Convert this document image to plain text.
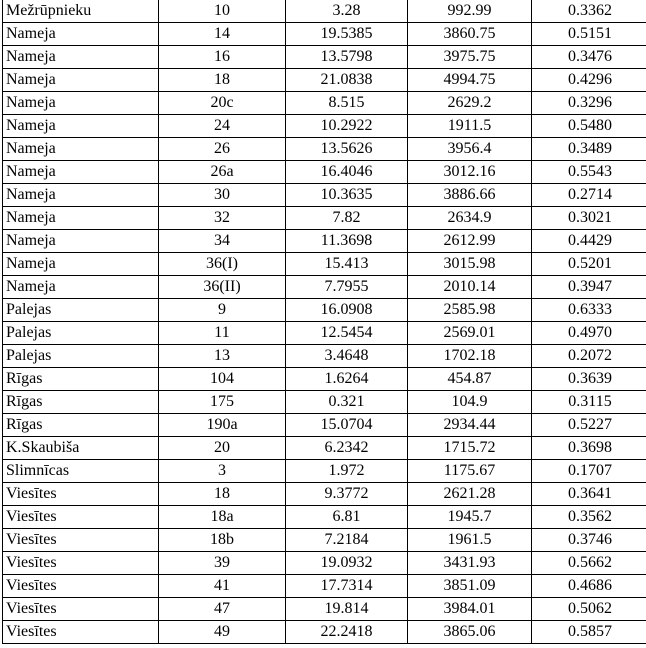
Mežrūpnieku	10	3.28	992.99	0.3362
Nameja	14	19.5385	3860.75	0.5151
Nameja	16	13.5798	3975.75	0.3476
Nameja	18	21.0838	4994.75	0.4296
Nameja	20c	8.515	2629.2	0.3296
Nameja	24	10.2922	1911.5	0.5480
Nameja	26	13.5626	3956.4	0.3489
Nameja	26a	16.4046	3012.16	0.5543
Nameja	30	10.3635	3886.66	0.2714
Nameja	32	7.82	2634.9	0.3021
Nameja	34	11.3698	2612.99	0.4429
Nameja	36(I)	15.413	3015.98	0.5201
Nameja	36(II)	7.7955	2010.14	0.3947
Palejas	9	16.0908	2585.98	0.6333
Palejas	11	12.5454	2569.01	0.4970
Palejas	13	3.4648	1702.18	0.2072
Rīgas	104	1.6264	454.87	0.3639
Rīgas	175	0.321	104.9	0.3115
Rīgas	190a	15.0704	2934.44	0.5227
K.Skaubiša	20	6.2342	1715.72	0.3698
Slimnīcas	3	1.972	1175.67	0.1707
Viesītes	18	9.3772	2621.28	0.3641
Viesītes	18a	6.81	1945.7	0.3562
Viesītes	18b	7.2184	1961.5	0.3746
Viesītes	39	19.0932	3431.93	0.5662
Viesītes	41	17.7314	3851.09	0.4686
Viesītes	47	19.814	3984.01	0.5062
Viesītes	49	22.2418	3865.06	0.5857
